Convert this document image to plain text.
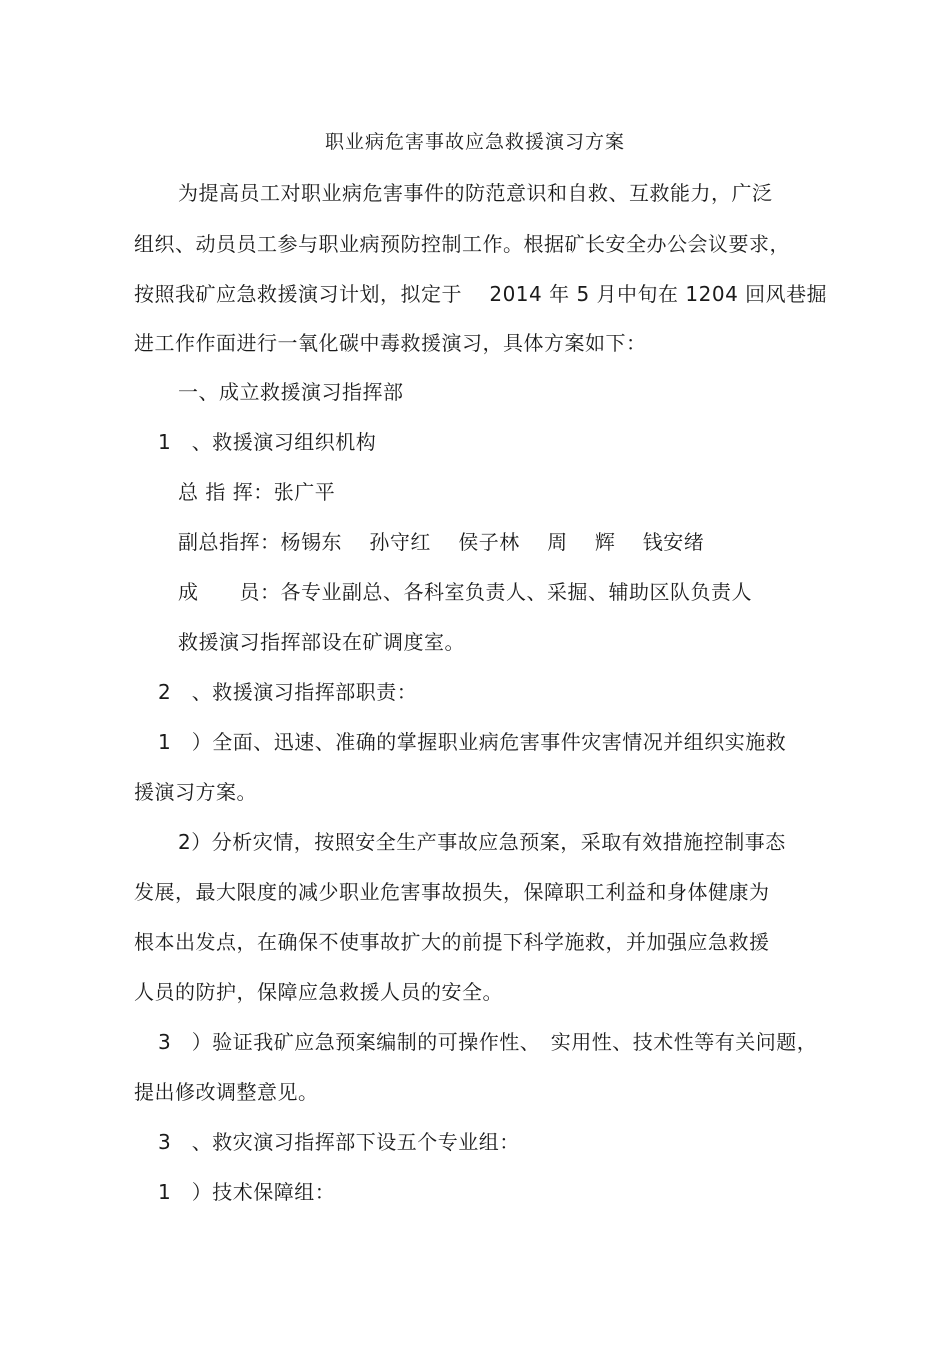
职业病危害事故应急救援演习方案
为提高员工对职业病危害事件的防范意识和自救、互救能力，广泛
组织、动员员工参与职业病预防控制工作。根据矿长安全办公会议要求，
按照我矿应急救援演习计划，拟定于　 2014 年 5 月中旬在 1204 回风巷掘
进工作作面进行一氧化碳中毒救援演习，具体方案如下：
一、成立救援演习指挥部
1　、救援演习组织机构
总 指 挥：张广平
副总指挥：杨锡东　 孙守红　 侯子林　 周　 辉　 钱安绪
成　　员：各专业副总、各科室负责人、采掘、辅助区队负责人
救援演习指挥部设在矿调度室。
2　、救援演习指挥部职责：
1　）全面、迅速、准确的掌握职业病危害事件灾害情况并组织实施救
援演习方案。
2）分析灾情，按照安全生产事故应急预案，采取有效措施控制事态
发展，最大限度的减少职业危害事故损失，保障职工利益和身体健康为
根本出发点，在确保不使事故扩大的前提下科学施救，并加强应急救援
人员的防护，保障应急救援人员的安全。
3　）验证我矿应急预案编制的可操作性、　实用性、技术性等有关问题，
提出修改调整意见。
3　、救灾演习指挥部下设五个专业组：
1　）技术保障组：
